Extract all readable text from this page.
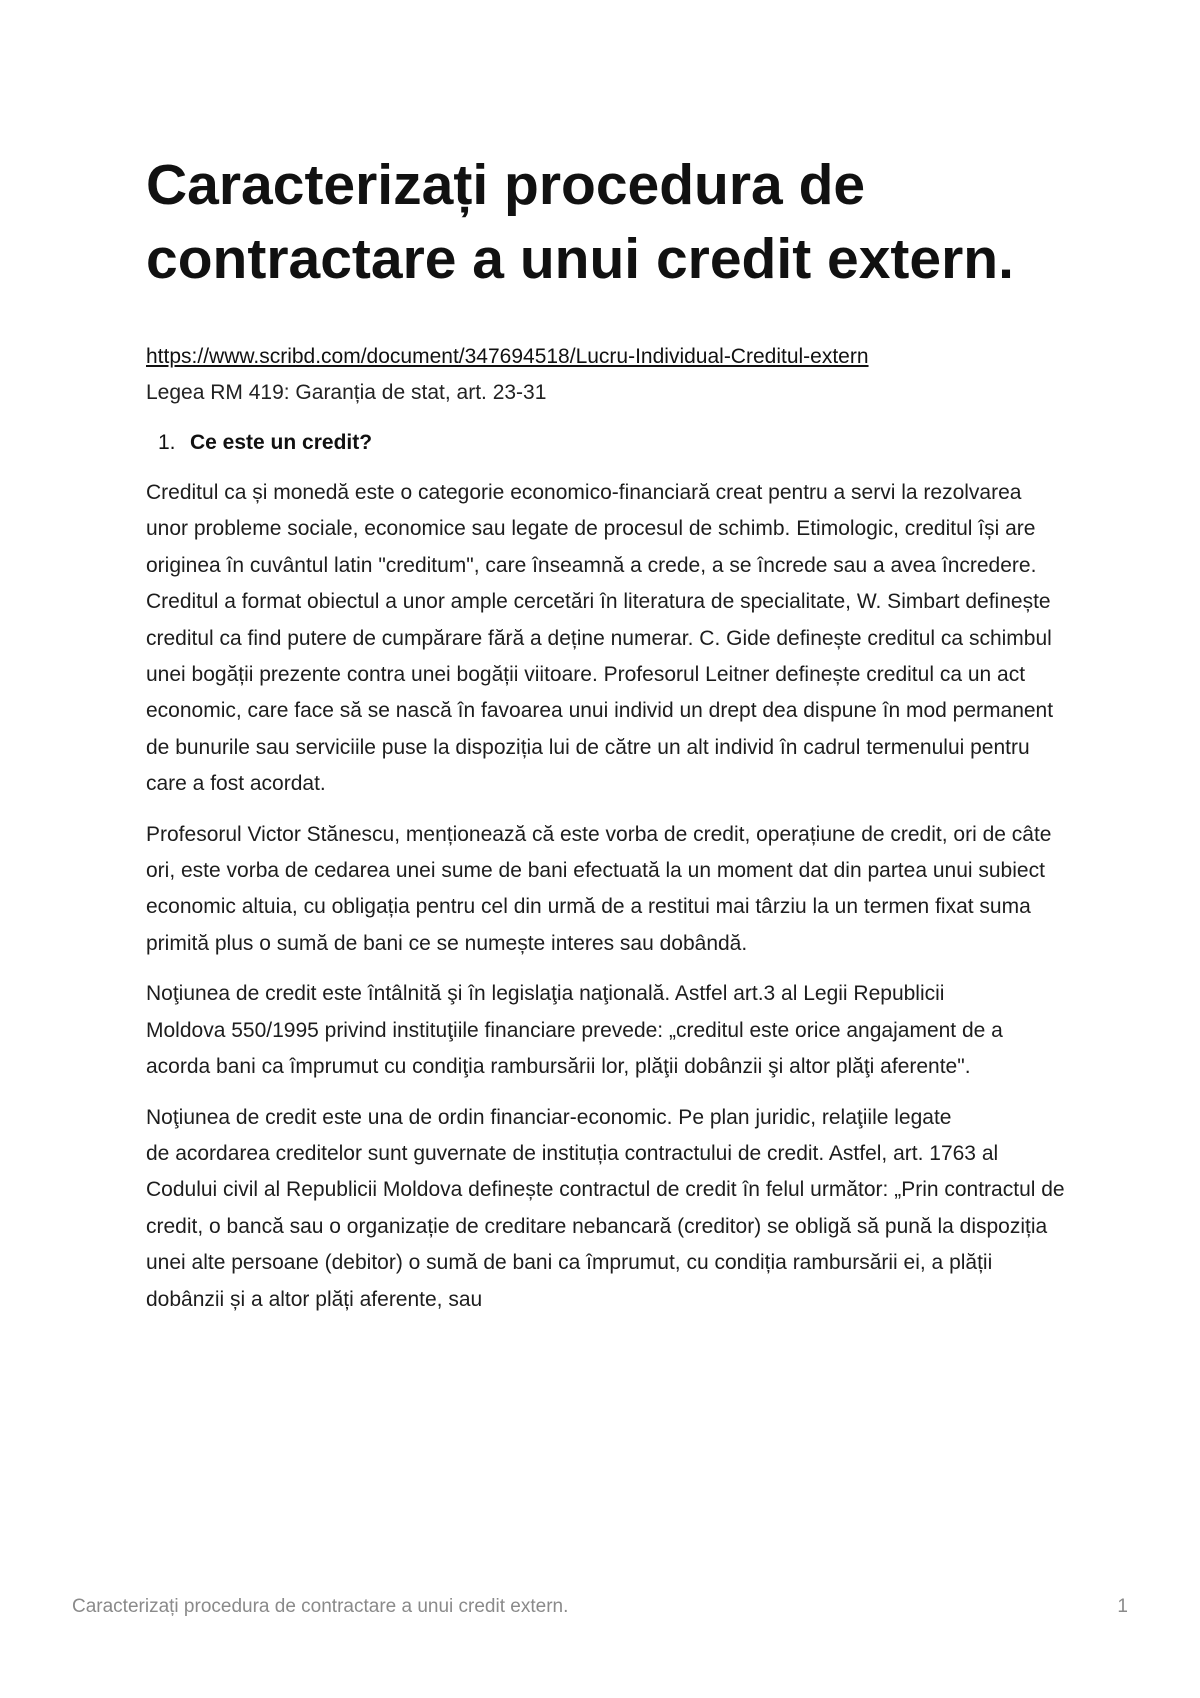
Caracterizați procedura de contractare a unui credit extern.
https://www.scribd.com/document/347694518/Lucru-Individual-Creditul-extern
Legea RM 419: Garanția de stat, art. 23-31
1. Ce este un credit?

Creditul ca și monedă este o categorie economico-financiară creat pentru a servi la rezolvarea unor probleme sociale, economice sau legate de procesul de schimb. Etimologic, creditul își are originea în cuvântul latin "creditum", care înseamnă a crede, a se încrede sau a avea încredere. Creditul a format obiectul a unor ample cercetări în literatura de specialitate, W. Simbart definește creditul ca find putere de cumpărare fără a deține numerar. C. Gide definește creditul ca schimbul unei bogății prezente contra unei bogății viitoare. Profesorul Leitner definește creditul ca un act economic, care face să se nască în favoarea unui individ un drept dea dispune în mod permanent de bunurile sau serviciile puse la dispoziția lui de către un alt individ în cadrul termenului pentru care a fost acordat.

Profesorul Victor Stănescu, menționează că este vorba de credit, operațiune de credit, ori de câte ori, este vorba de cedarea unei sume de bani efectuată la un moment dat din partea unui subiect economic altuia, cu obligația pentru cel din urmă de a restitui mai târziu la un termen fixat suma primită plus o sumă de bani ce se numește interes sau dobândă.

Noţiunea de credit este întâlnită şi în legislaţia naţională. Astfel art.3 al Legii Republicii
Moldova 550/1995 privind instituţiile financiare prevede: „creditul este orice angajament de a acorda bani ca împrumut cu condiţia rambursării lor, plăţii dobânzii şi altor plăţi aferente".

Noţiunea de credit este una de ordin financiar-economic. Pe plan juridic, relaţiile legate
de acordarea creditelor sunt guvernate de instituția contractului de credit. Astfel, art. 1763 al Codului civil al Republicii Moldova definește contractul de credit în felul următor: „Prin contractul de credit, o bancă sau o organizație de creditare nebancară (creditor) se obligă să pună la dispoziția unei alte persoane (debitor) o sumă de bani ca împrumut, cu condiția rambursării ei, a plății dobânzii și a altor plăți aferente, sau

Caracterizați procedura de contractare a unui credit extern.	1
